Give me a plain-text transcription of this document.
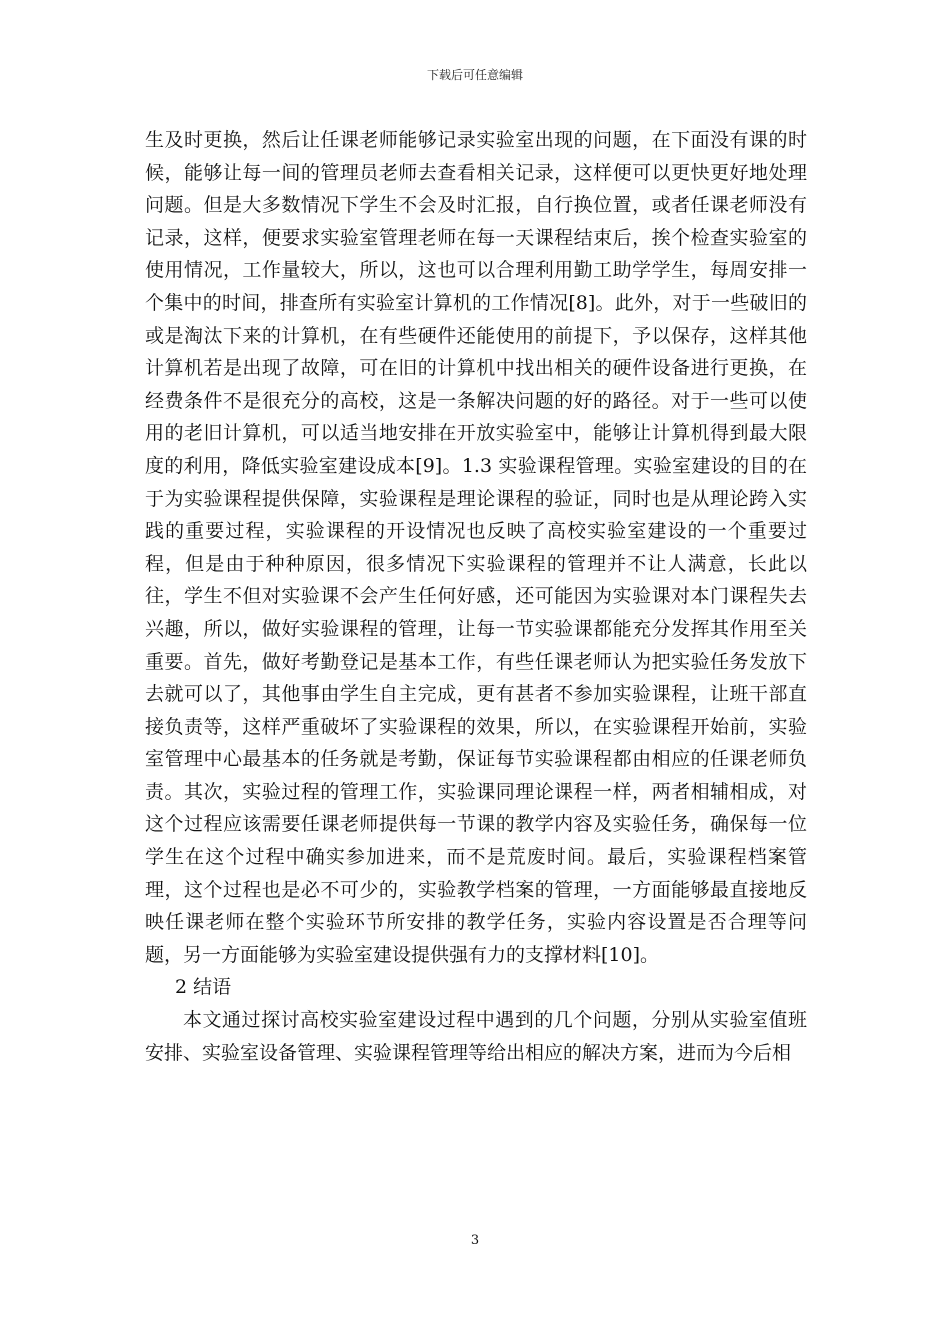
下载后可任意编辑

生及时更换，然后让任课老师能够记录实验室出现的问题，在下面没有课的时候，能够让每一间的管理员老师去查看相关记录，这样便可以更快更好地处理问题。但是大多数情况下学生不会及时汇报，自行换位置，或者任课老师没有记录，这样，便要求实验室管理老师在每一天课程结束后，挨个检查实验室的使用情况，工作量较大，所以，这也可以合理利用勤工助学学生，每周安排一个集中的时间，排查所有实验室计算机的工作情况[8]。此外，对于一些破旧的或是淘汰下来的计算机，在有些硬件还能使用的前提下，予以保存，这样其他计算机若是出现了故障，可在旧的计算机中找出相关的硬件设备进行更换，在经费条件不是很充分的高校，这是一条解决问题的好的路径。对于一些可以使用的老旧计算机，可以适当地安排在开放实验室中，能够让计算机得到最大限度的利用，降低实验室建设成本[9]。1.3 实验课程管理。实验室建设的目的在于为实验课程提供保障，实验课程是理论课程的验证，同时也是从理论跨入实践的重要过程，实验课程的开设情况也反映了高校实验室建设的一个重要过程，但是由于种种原因，很多情况下实验课程的管理并不让人满意，长此以往，学生不但对实验课不会产生任何好感，还可能因为实验课对本门课程失去兴趣，所以，做好实验课程的管理，让每一节实验课都能充分发挥其作用至关重要。首先，做好考勤登记是基本工作，有些任课老师认为把实验任务发放下去就可以了，其他事由学生自主完成，更有甚者不参加实验课程，让班干部直接负责等，这样严重破坏了实验课程的效果，所以，在实验课程开始前，实验室管理中心最基本的任务就是考勤，保证每节实验课程都由相应的任课老师负责。其次，实验过程的管理工作，实验课同理论课程一样，两者相辅相成，对这个过程应该需要任课老师提供每一节课的教学内容及实验任务，确保每一位学生在这个过程中确实参加进来，而不是荒废时间。最后，实验课程档案管理，这个过程也是必不可少的，实验教学档案的管理，一方面能够最直接地反映任课老师在整个实验环节所安排的教学任务，实验内容设置是否合理等问题，另一方面能够为实验室建设提供强有力的支撑材料[10]。

2 结语

本文通过探讨高校实验室建设过程中遇到的几个问题，分别从实验室值班安排、实验室设备管理、实验课程管理等给出相应的解决方案，进而为今后相

3
